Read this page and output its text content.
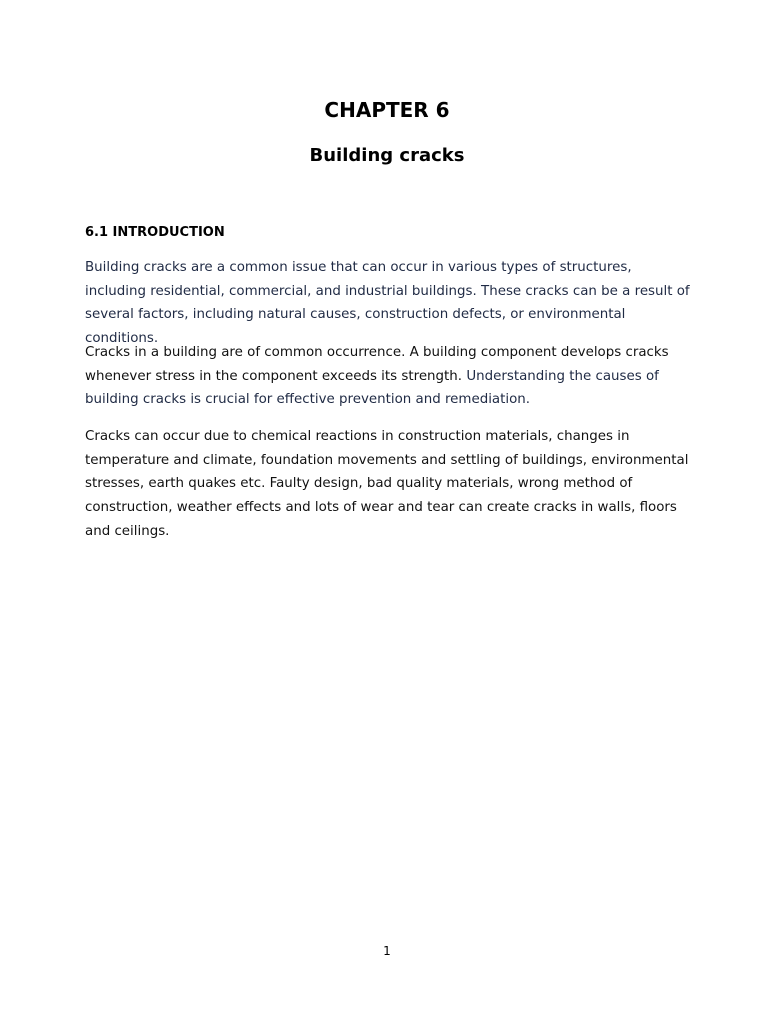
CHAPTER 6
Building cracks
6.1 INTRODUCTION

Building cracks are a common issue that can occur in various types of structures, including residential, commercial, and industrial buildings. These cracks can be a result of several factors, including natural causes, construction defects, or environmental conditions.

Cracks in a building are of common occurrence. A building component develops cracks whenever stress in the component exceeds its strength. Understanding the causes of building cracks is crucial for effective prevention and remediation.

Cracks can occur due to chemical reactions in construction materials, changes in temperature and climate, foundation movements and settling of buildings, environmental stresses, earth quakes etc. Faulty design, bad quality materials, wrong method of construction, weather effects and lots of wear and tear can create cracks in walls, floors and ceilings.

1
